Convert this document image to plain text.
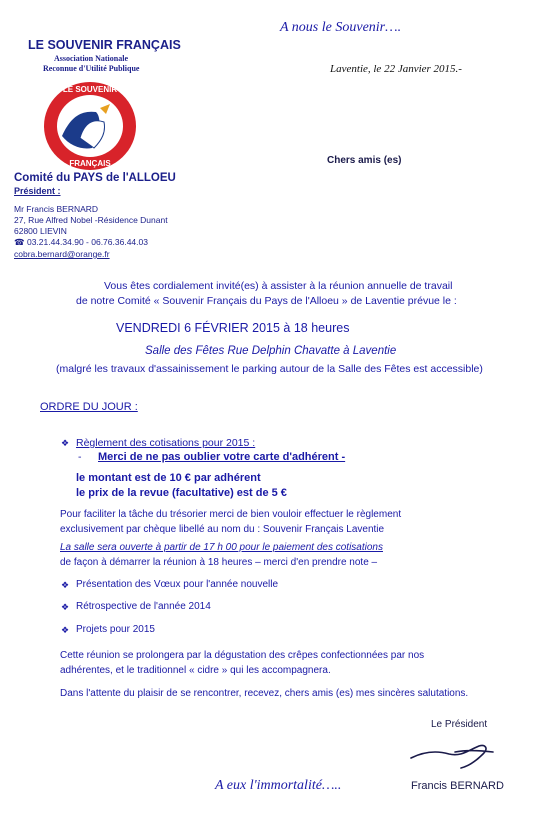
A nous le Souvenir….
Laventie, le 22 Janvier 2015.-
LE SOUVENIR FRANÇAIS
Association Nationale
Reconnue d'Utilité Publique
LE SOUVENIR
FRANÇAIS
Comité du PAYS de l'ALLOEU
Président :
Mr Francis BERNARD
27, Rue Alfred Nobel -Résidence Dunant
62800 LIEVIN
☎ 03.21.44.34.90 - 06.76.36.44.03
cobra.bernard@orange.fr
Chers amis (es)
Vous êtes cordialement invité(es) à assister à la réunion annuelle de travail
de notre Comité « Souvenir Français du Pays de l'Alloeu » de Laventie prévue le :
VENDREDI 6 FÉVRIER 2015 à 18 heures
Salle des Fêtes Rue Delphin Chavatte à Laventie
(malgré les travaux d'assainissement le parking autour de la Salle des Fêtes est accessible)
ORDRE DU JOUR :
❖ Règlement des cotisations pour 2015 :
- Merci de ne pas oublier votre carte d'adhérent -
le montant est de 10 € par adhérent
le prix de la revue (facultative) est de 5 €
Pour faciliter la tâche du trésorier merci de bien vouloir effectuer le règlement
exclusivement par chèque libellé au nom du : Souvenir Français Laventie
La salle sera ouverte à partir de 17 h 00 pour le paiement des cotisations
de façon à démarrer la réunion à 18 heures – merci d'en prendre note –
❖ Présentation des Vœux pour l'année nouvelle
❖ Rétrospective de l'année 2014
❖ Projets pour 2015
Cette réunion se prolongera par la dégustation des crêpes confectionnées par nos
adhérentes, et le traditionnel « cidre » qui les accompagnera.
Dans l'attente du plaisir de se rencontrer, recevez, chers amis (es) mes sincères salutations.
Le Président
Francis BERNARD
A eux l'immortalité…..
